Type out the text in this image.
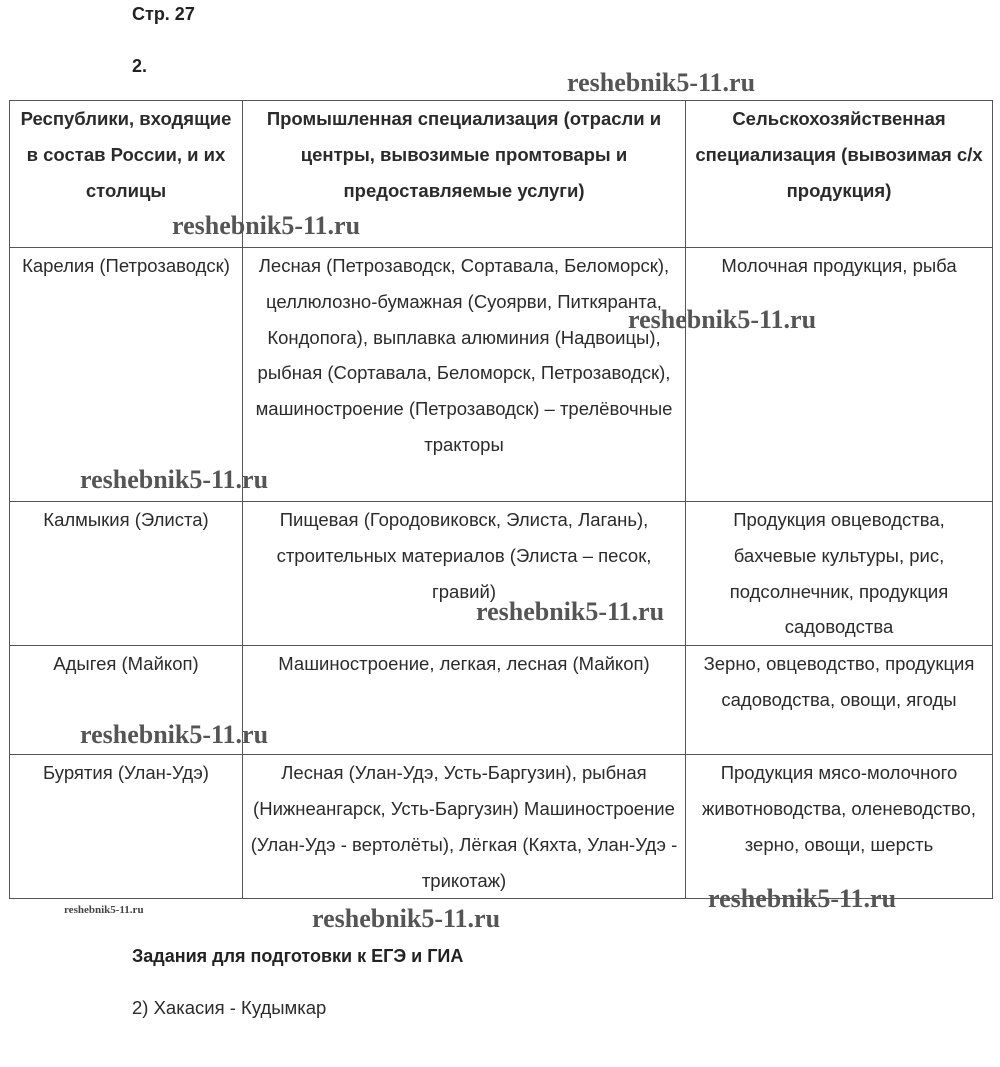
Стр. 27
2.
Республики, входящие в состав России, и их столицы	Промышленная специализация (отрасли и центры, вывозимые промтовары и предоставляемые услуги)	Сельскохозяйственная специализация (вывозимая с/х продукция)
Карелия (Петрозаводск)	Лесная (Петрозаводск, Сортавала, Беломорск), целлюлозно-бумажная (Суоярви, Питкяранта, Кондопога), выплавка алюминия (Надвоицы), рыбная (Сортавала, Беломорск, Петрозаводск), машиностроение (Петрозаводск) – трелёвочные тракторы	Молочная продукция, рыба
Калмыкия (Элиста)	Пищевая (Городовиковск, Элиста, Лагань), строительных материалов (Элиста – песок, гравий)	Продукция овцеводства, бахчевые культуры, рис, подсолнечник, продукция садоводства
Адыгея (Майкоп)	Машиностроение, легкая, лесная (Майкоп)	Зерно, овцеводство, продукция садоводства, овощи, ягоды
Бурятия (Улан-Удэ)	Лесная (Улан-Удэ, Усть-Баргузин), рыбная (Нижнеангарск, Усть-Баргузин) Машиностроение (Улан-Удэ - вертолёты), Лёгкая (Кяхта, Улан-Удэ - трикотаж)	Продукция мясо-молочного животноводства, оленеводство, зерно, овощи, шерсть
reshebnik5-11.ru
reshebnik5-11.ru
reshebnik5-11.ru
reshebnik5-11.ru
reshebnik5-11.ru
reshebnik5-11.ru
reshebnik5-11.ru
reshebnik5-11.ru
reshebnik5-11.ru
Задания для подготовки к ЕГЭ и ГИА
2) Хакасия - Кудымкар
